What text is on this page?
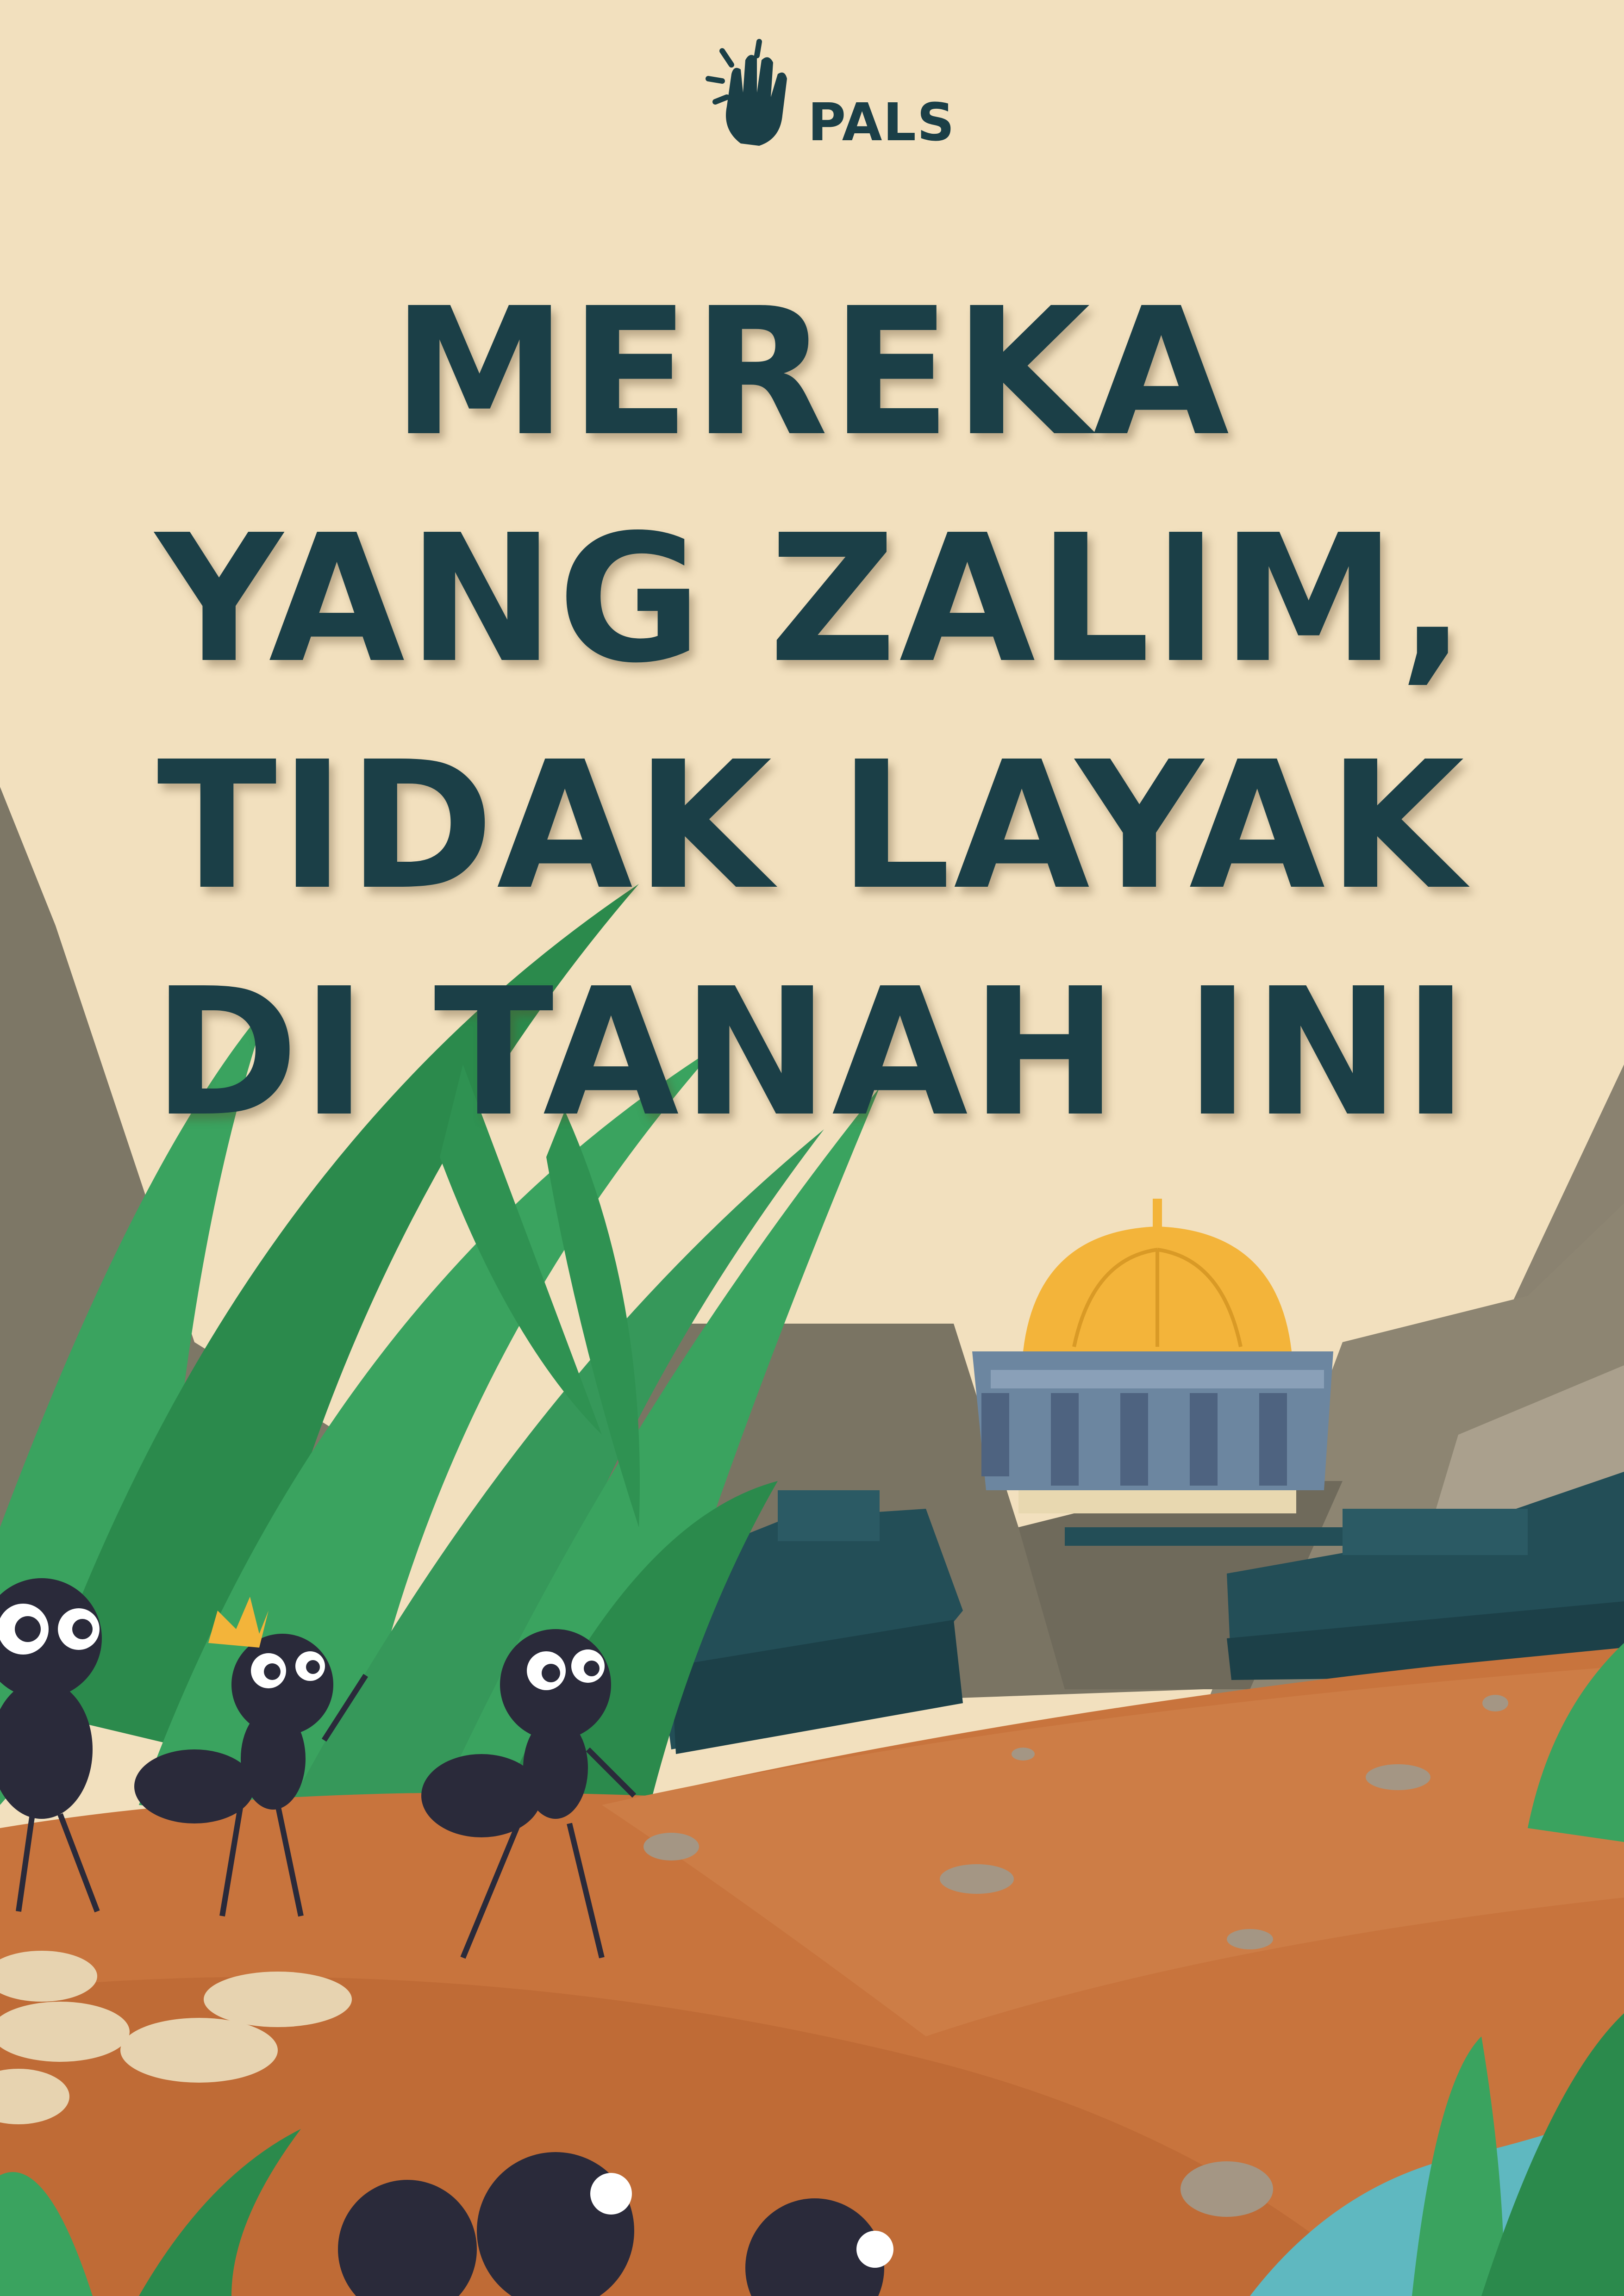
PALS
MEREKA
YANG ZALIM,
TIDAK LAYAK
DI TANAH INI
